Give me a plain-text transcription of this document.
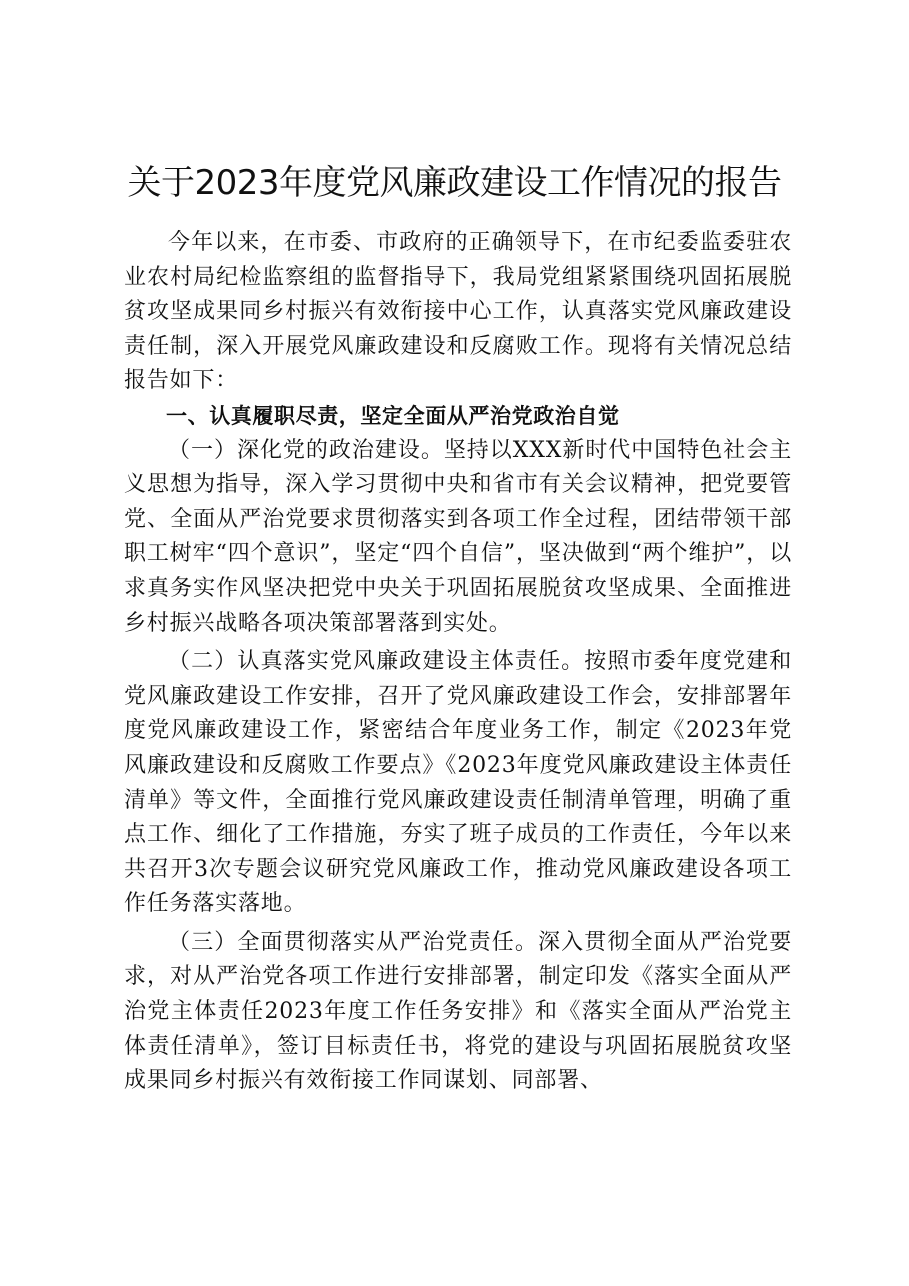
关于2023年度党风廉政建设工作情况的报告

今年以来，在市委、市政府的正确领导下，在市纪委监委驻农业农村局纪检监察组的监督指导下，我局党组紧紧围绕巩固拓展脱贫攻坚成果同乡村振兴有效衔接中心工作，认真落实党风廉政建设责任制，深入开展党风廉政建设和反腐败工作。现将有关情况总结报告如下：

一、认真履职尽责，坚定全面从严治党政治自觉

（一）深化党的政治建设。坚持以XXX新时代中国特色社会主义思想为指导，深入学习贯彻中央和省市有关会议精神，把党要管党、全面从严治党要求贯彻落实到各项工作全过程，团结带领干部职工树牢“四个意识”，坚定“四个自信”，坚决做到“两个维护”，以求真务实作风坚决把党中央关于巩固拓展脱贫攻坚成果、全面推进乡村振兴战略各项决策部署落到实处。

（二）认真落实党风廉政建设主体责任。按照市委年度党建和党风廉政建设工作安排，召开了党风廉政建设工作会，安排部署年度党风廉政建设工作，紧密结合年度业务工作，制定《2023年党风廉政建设和反腐败工作要点》《2023年度党风廉政建设主体责任清单》等文件，全面推行党风廉政建设责任制清单管理，明确了重点工作、细化了工作措施，夯实了班子成员的工作责任，今年以来共召开3次专题会议研究党风廉政工作，推动党风廉政建设各项工作任务落实落地。

（三）全面贯彻落实从严治党责任。深入贯彻全面从严治党要求，对从严治党各项工作进行安排部署，制定印发《落实全面从严治党主体责任2023年度工作任务安排》和《落实全面从严治党主体责任清单》，签订目标责任书，将党的建设与巩固拓展脱贫攻坚成果同乡村振兴有效衔接工作同谋划、同部署、
